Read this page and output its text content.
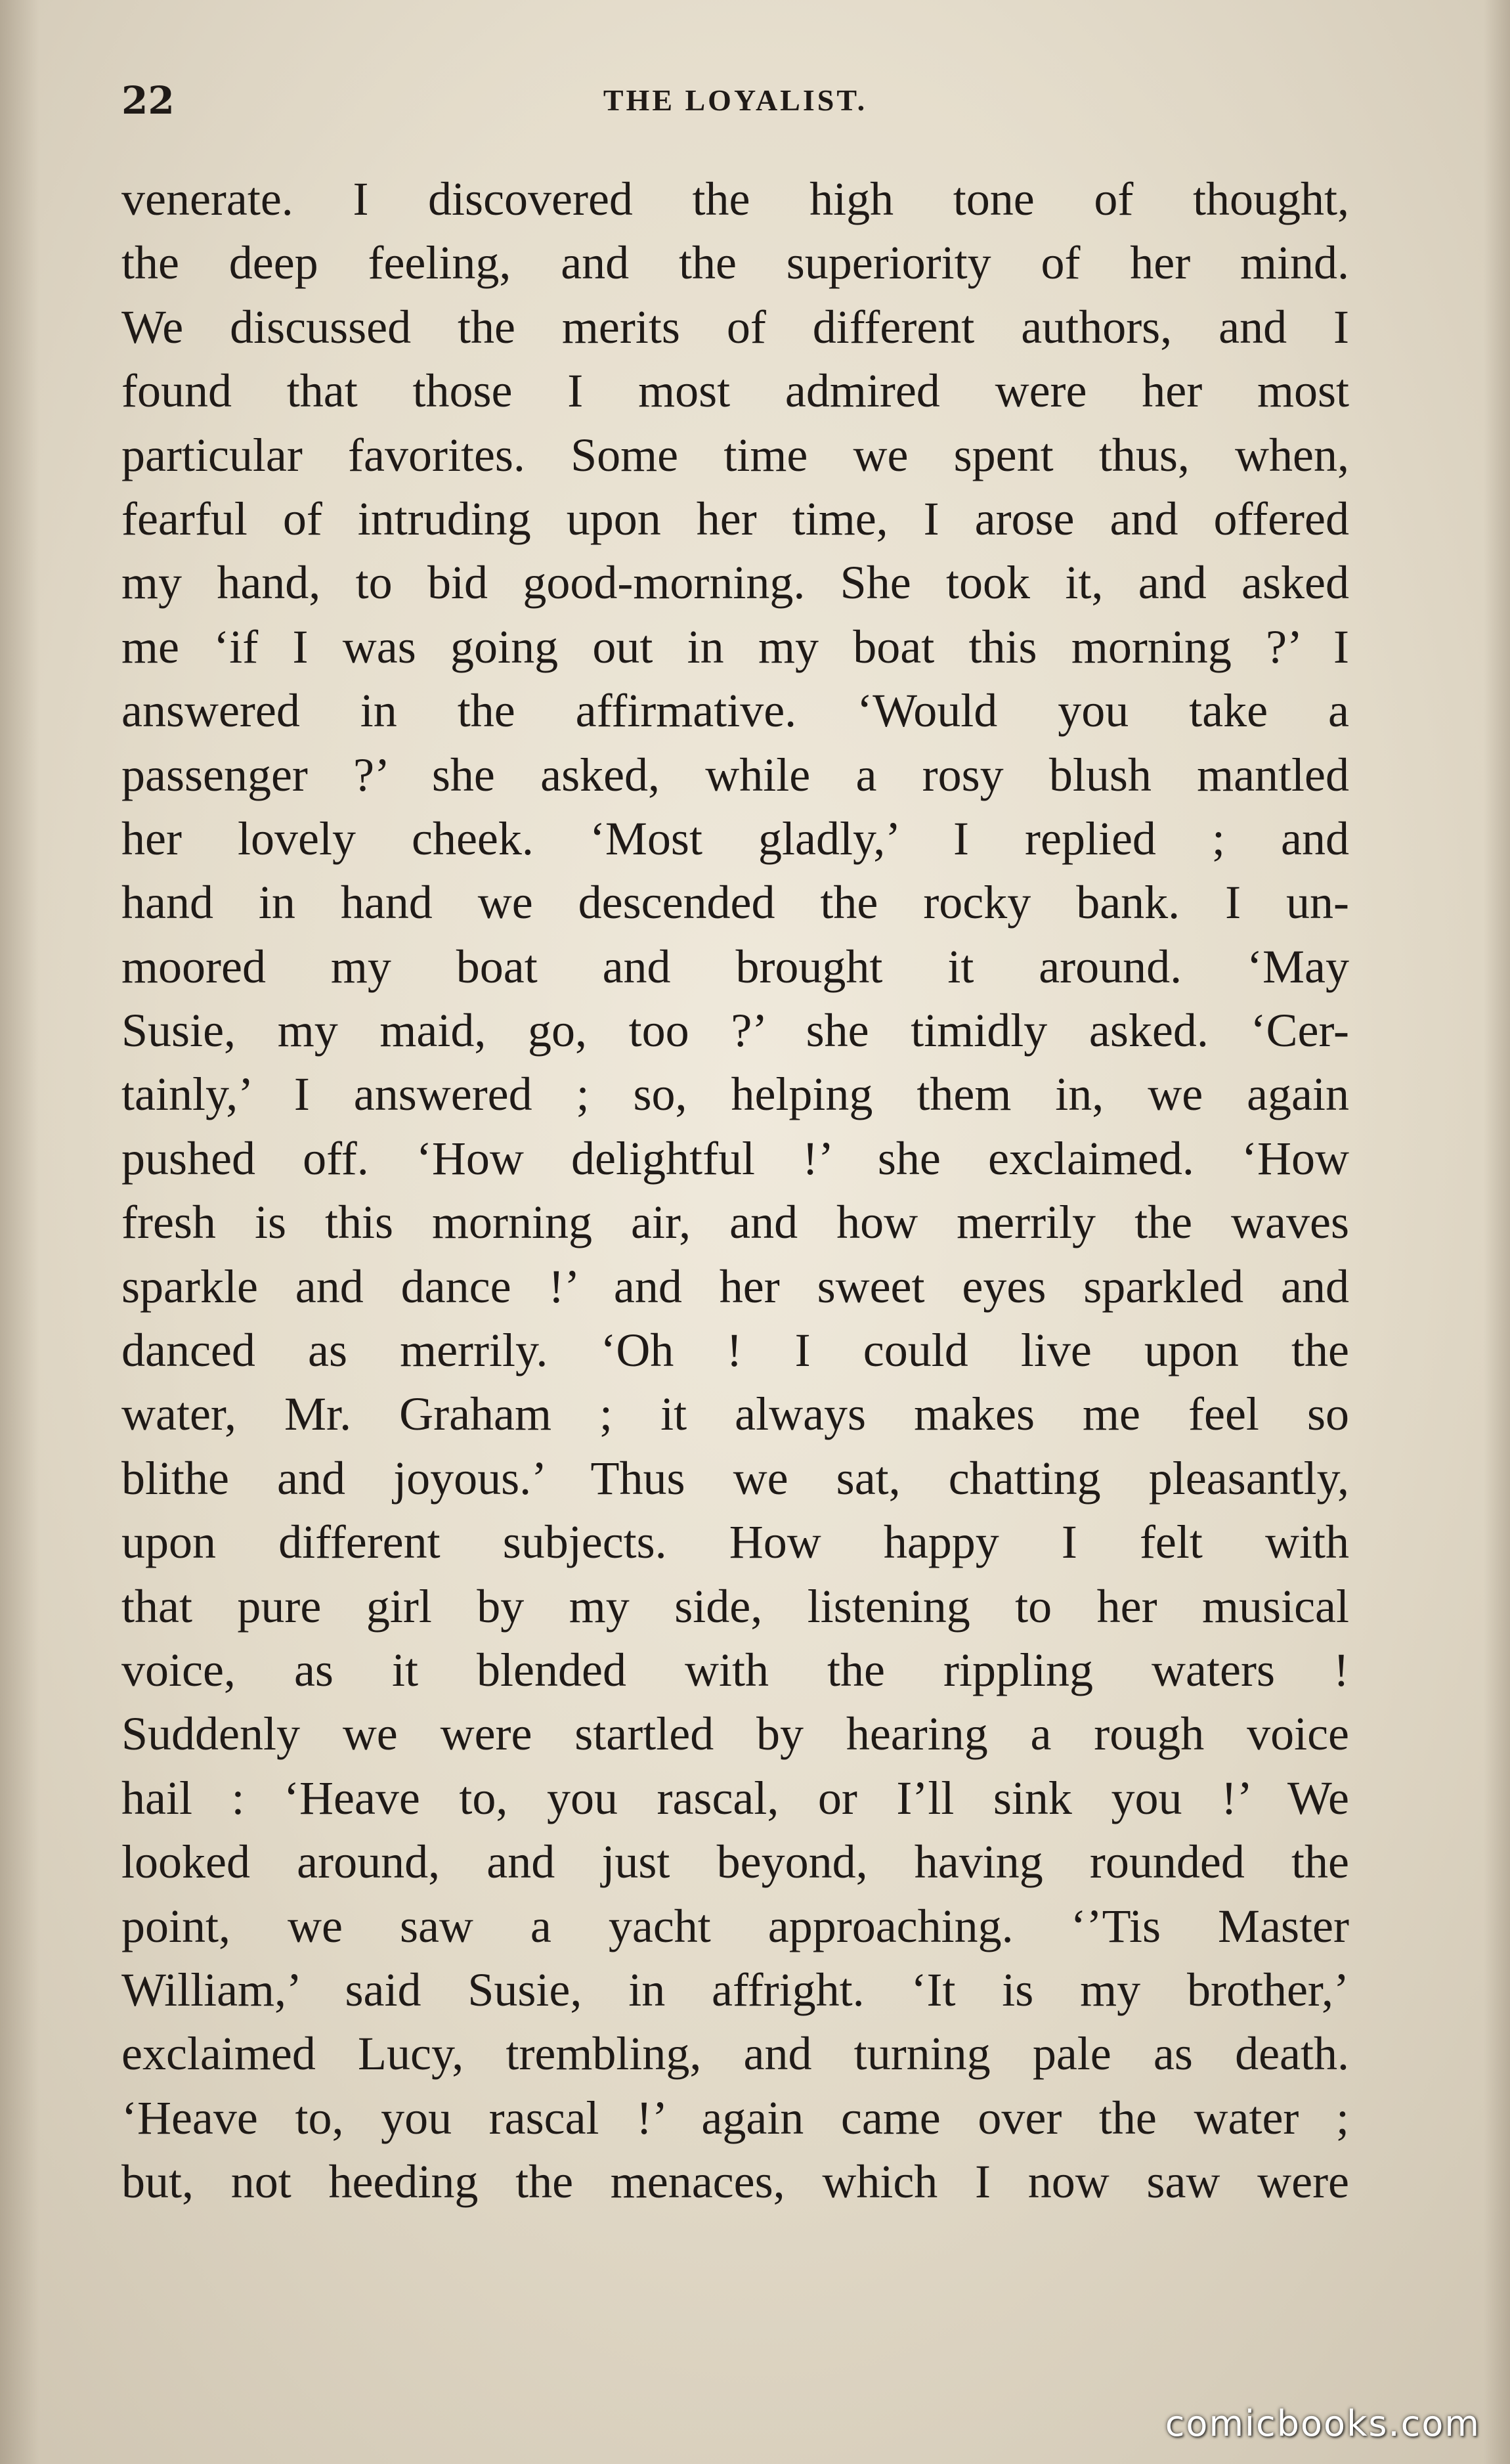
22	THE LOYALIST.
venerate. I discovered the high tone of thought,
the deep feeling, and the superiority of her mind.
We discussed the merits of different authors, and I
found that those I most admired were her most
particular favorites. Some time we spent thus, when,
fearful of intruding upon her time, I arose and offered
my hand, to bid good-morning. She took it, and asked
me ‘if I was going out in my boat this morning ?’ I
answered in the affirmative. ‘Would you take a
passenger ?’ she asked, while a rosy blush mantled
her lovely cheek. ‘Most gladly,’ I replied ; and
hand in hand we descended the rocky bank. I un-
moored my boat and brought it around. ‘May
Susie, my maid, go, too ?’ she timidly asked. ‘Cer-
tainly,’ I answered ; so, helping them in, we again
pushed off. ‘How delightful !’ she exclaimed. ‘How
fresh is this morning air, and how merrily the waves
sparkle and dance !’ and her sweet eyes sparkled and
danced as merrily. ‘Oh ! I could live upon the
water, Mr. Graham ; it always makes me feel so
blithe and joyous.’ Thus we sat, chatting pleasantly,
upon different subjects. How happy I felt with
that pure girl by my side, listening to her musical
voice, as it blended with the rippling waters !
Suddenly we were startled by hearing a rough voice
hail : ‘Heave to, you rascal, or I’ll sink you !’ We
looked around, and just beyond, having rounded the
point, we saw a yacht approaching. ‘’Tis Master
William,’ said Susie, in affright. ‘It is my brother,’
exclaimed Lucy, trembling, and turning pale as death.
‘Heave to, you rascal !’ again came over the water ;
but, not heeding the menaces, which I now saw were
comicbooks.com
